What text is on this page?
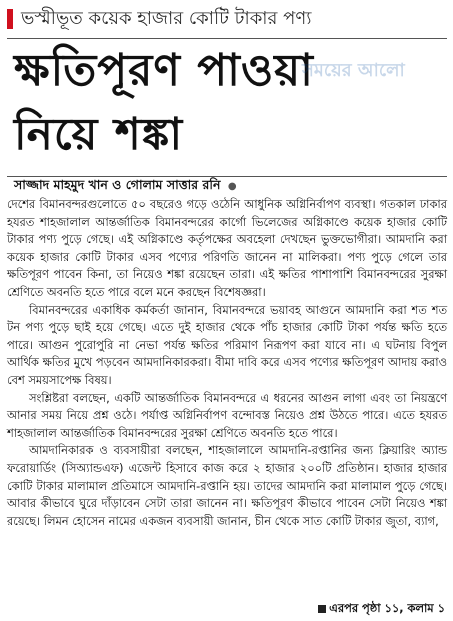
ভস্মীভূত কয়েক হাজার কোটি টাকার পণ্য
ক্ষতিপূরণ পাওয়া
নিয়ে শঙ্কা
সময়ের আলো
সাজ্জাদ মাহমুদ খান ও গোলাম সাত্তার রনি ●

দেশের বিমানবন্দরগুলোতে ৫০ বছরেও গড়ে ওঠেনি আধুনিক অগ্নিনির্বাপণ ব্যবস্থা। গতকাল ঢাকার হযরত শাহজালাল আন্তর্জাতিক বিমানবন্দরের কার্গো ভিলেজের অগ্নিকাণ্ডে কয়েক হাজার কোটি টাকার পণ্য পুড়ে গেছে। এই অগ্নিকাণ্ডে কর্তৃপক্ষের অবহেলা দেখছেন ভুক্তভোগীরা। আমদানি করা কয়েক হাজার কোটি টাকার এসব পণ্যের পরিণতি জানেন না মালিকরা। পণ্য পুড়ে গেলে তার ক্ষতিপূরণ পাবেন কিনা, তা নিয়েও শঙ্কা রয়েছেন তারা। এই ক্ষতির পাশাপাশি বিমানবন্দরের সুরক্ষা শ্রেণিতে অবনতি হতে পারে বলে মনে করছেন বিশেষজ্ঞরা।

বিমানবন্দরের একাধিক কর্মকর্তা জানান, বিমানবন্দরে ভয়াবহ আগুনে আমদানি করা শত শত টন পণ্য পুড়ে ছাই হয়ে গেছে। এতে দুই হাজার থেকে পাঁচ হাজার কোটি টাকা পর্যন্ত ক্ষতি হতে পারে। আগুন পুরোপুরি না নেভা পর্যন্ত ক্ষতির পরিমাণ নিরূপণ করা যাবে না। এ ঘটনায় বিপুল আর্থিক ক্ষতির মুখে পড়বেন আমদানিকারকরা। বীমা দাবি করে এসব পণ্যের ক্ষতিপূরণ আদায় করাও বেশ সময়সাপেক্ষ বিষয়।

সংশ্লিষ্টরা বলছেন, একটি আন্তর্জাতিক বিমানবন্দরে এ ধরনের আগুন লাগা এবং তা নিয়ন্ত্রণে আনার সময় নিয়ে প্রশ্ন ওঠে। পর্যাপ্ত অগ্নিনির্বাপণ বন্দোবস্ত নিয়েও প্রশ্ন উঠতে পারে। এতে হযরত শাহজালাল আন্তর্জাতিক বিমানবন্দরের সুরক্ষা শ্রেণিতে অবনতি হতে পারে।

আমদানিকারক ও ব্যবসায়ীরা বলছেন, শাহজালালে আমদানি-রপ্তানির জন্য ক্লিয়ারিং অ্যান্ড ফরোয়ার্ডিং (সিঅ্যান্ডএফ) এজেন্ট হিসাবে কাজ করে ২ হাজার ২০০টি প্রতিষ্ঠান। হাজার হাজার কোটি টাকার মালামাল প্রতিমাসে আমদানি-রপ্তানি হয়। তাদের আমদানি করা মালামাল পুড়ে গেছে। আবার কীভাবে ঘুরে দাঁড়াবেন সেটা তারা জানেন না। ক্ষতিপূরণ কীভাবে পাবেন সেটা নিয়েও শঙ্কা রয়েছে। লিমন হোসেন নামের একজন ব্যবসায়ী জানান, চীন থেকে সাত কোটি টাকার জুতা, ব্যাগ,

এরপর পৃষ্ঠা ১১, কলাম ১
